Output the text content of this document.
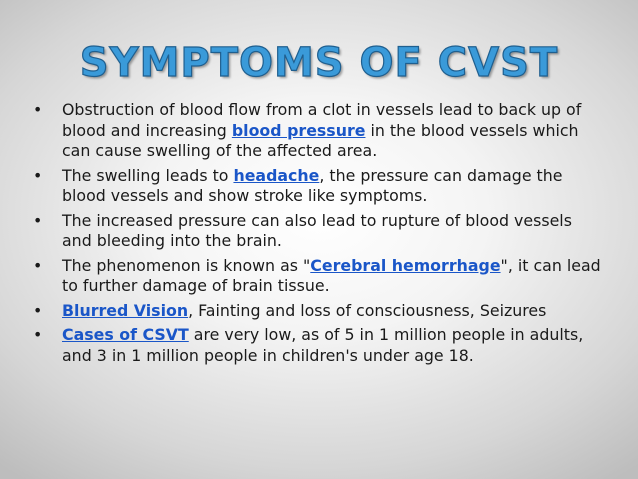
SYMPTOMS OF CVST
• Obstruction of blood flow from a clot in vessels lead to back up of blood and increasing blood pressure in the blood vessels which can cause swelling of the affected area.
• The swelling leads to headache, the pressure can damage the blood vessels and show stroke like symptoms.
• The increased pressure can also lead to rupture of blood vessels and bleeding into the brain.
• The phenomenon is known as "Cerebral hemorrhage", it can lead to further damage of brain tissue.
• Blurred Vision, Fainting and loss of consciousness, Seizures
• Cases of CSVT are very low, as of 5 in 1 million people in adults, and 3 in 1 million people in children's under age 18.
